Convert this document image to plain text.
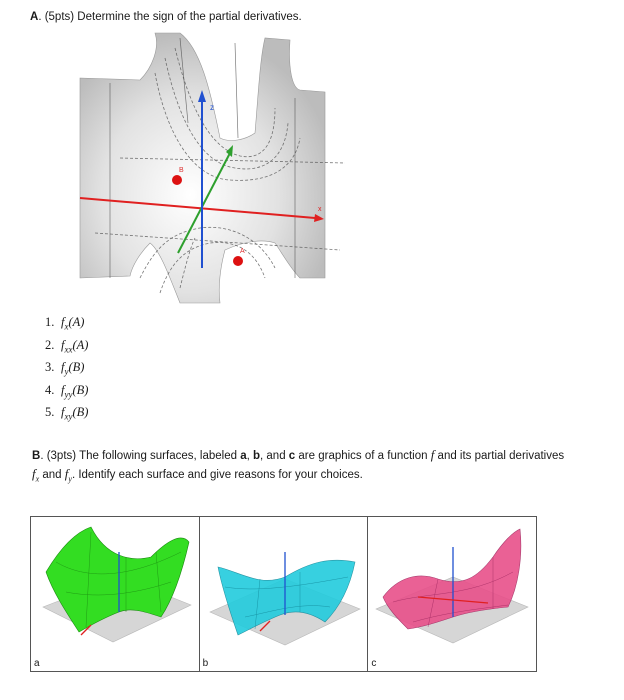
A. (5pts) Determine the sign of the partial derivatives.
x
z
B
A
1. $f_x(A)$
2. $f_{xx}(A)$
3. $f_y(B)$
4. $f_{yy}(B)$
5. $f_{xy}(B)$
B. (3pts) The following surfaces, labeled a, b, and c are graphics of a function f and its partial derivatives
$f_x$ and $f_y$. Identify each surface and give reasons for your choices.
a	b	c
